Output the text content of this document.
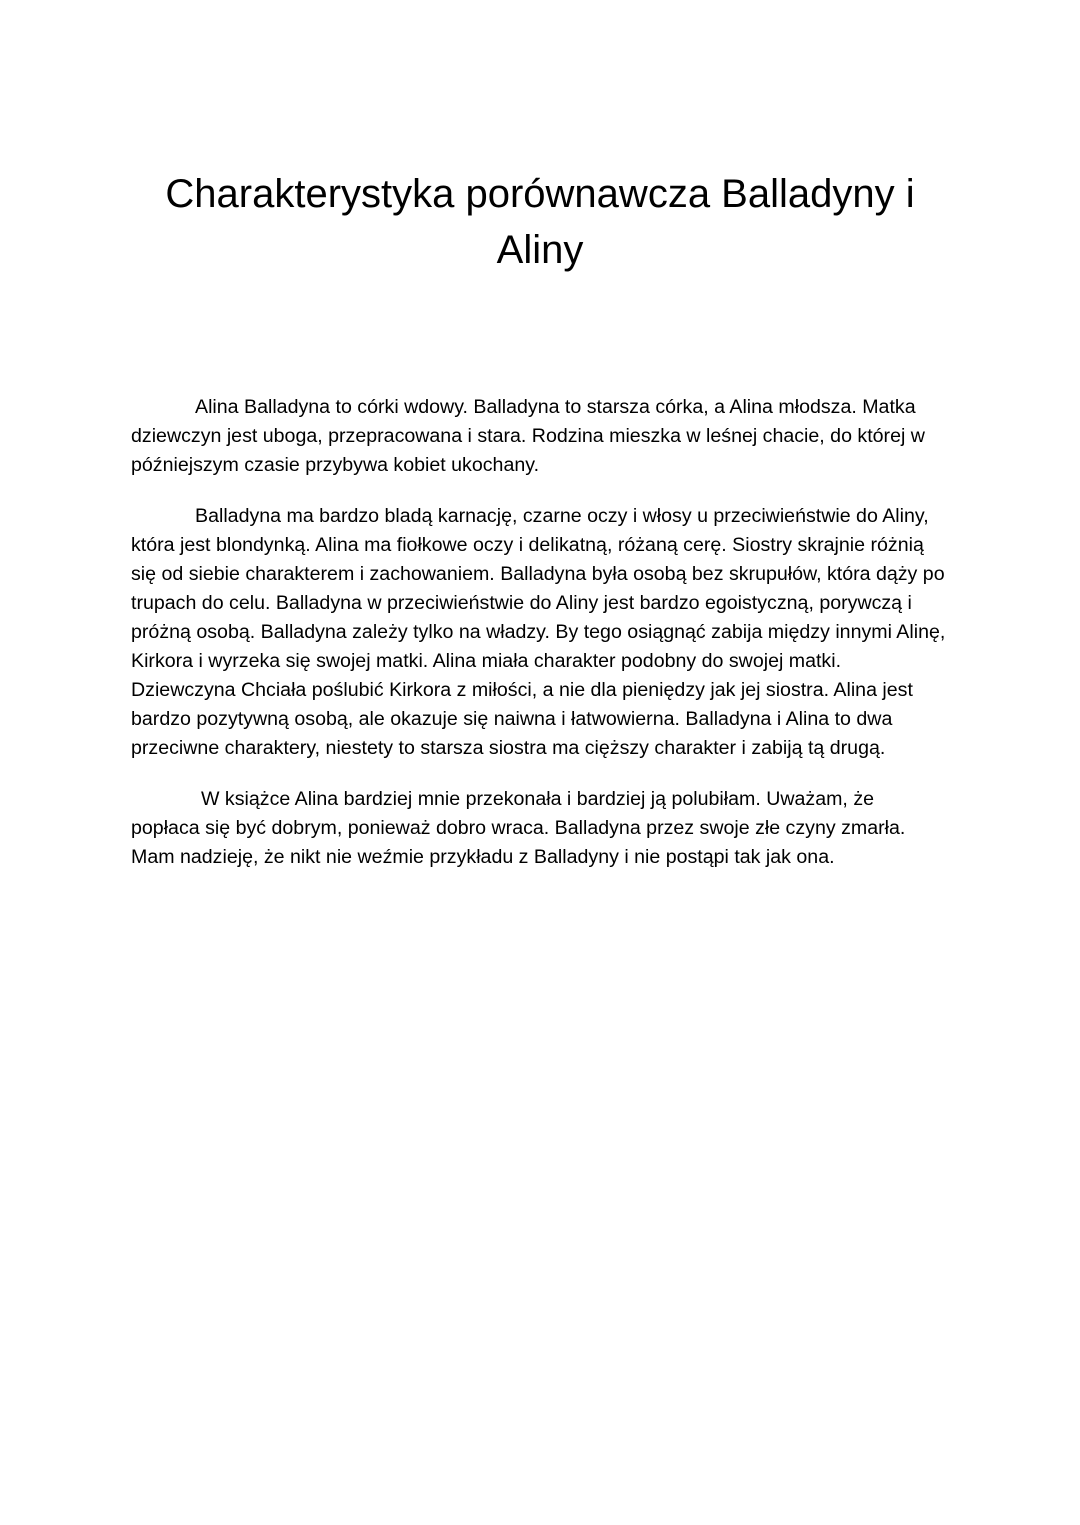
Charakterystyka porównawcza Balladyny i Aliny

Alina Balladyna to córki wdowy. Balladyna to starsza córka, a Alina młodsza. Matka dziewczyn jest uboga, przepracowana i stara. Rodzina mieszka w leśnej chacie, do której w późniejszym czasie przybywa kobiet ukochany.

Balladyna ma bardzo bladą karnację, czarne oczy i włosy u przeciwieństwie do Aliny, która jest blondynką. Alina ma fiołkowe oczy i delikatną, różaną cerę. Siostry skrajnie różnią się od siebie charakterem i zachowaniem. Balladyna była osobą bez skrupułów, która dąży po trupach do celu. Balladyna w przeciwieństwie do Aliny jest bardzo egoistyczną, porywczą i próżną osobą. Balladyna zależy tylko na władzy. By tego osiągnąć zabija między innymi Alinę, Kirkora i wyrzeka się swojej matki. Alina miała charakter podobny do swojej matki. Dziewczyna Chciała poślubić Kirkora z miłości, a nie dla pieniędzy jak jej siostra. Alina jest bardzo pozytywną osobą, ale okazuje się naiwna i łatwowierna. Balladyna i Alina to dwa przeciwne charaktery, niestety to starsza siostra ma cięższy charakter i zabiją tą drugą.

W książce Alina bardziej mnie przekonała i bardziej ją polubiłam. Uważam, że popłaca się być dobrym, ponieważ dobro wraca. Balladyna przez swoje złe czyny zmarła. Mam nadzieję, że nikt nie weźmie przykładu z Balladyny i nie postąpi tak jak ona.
